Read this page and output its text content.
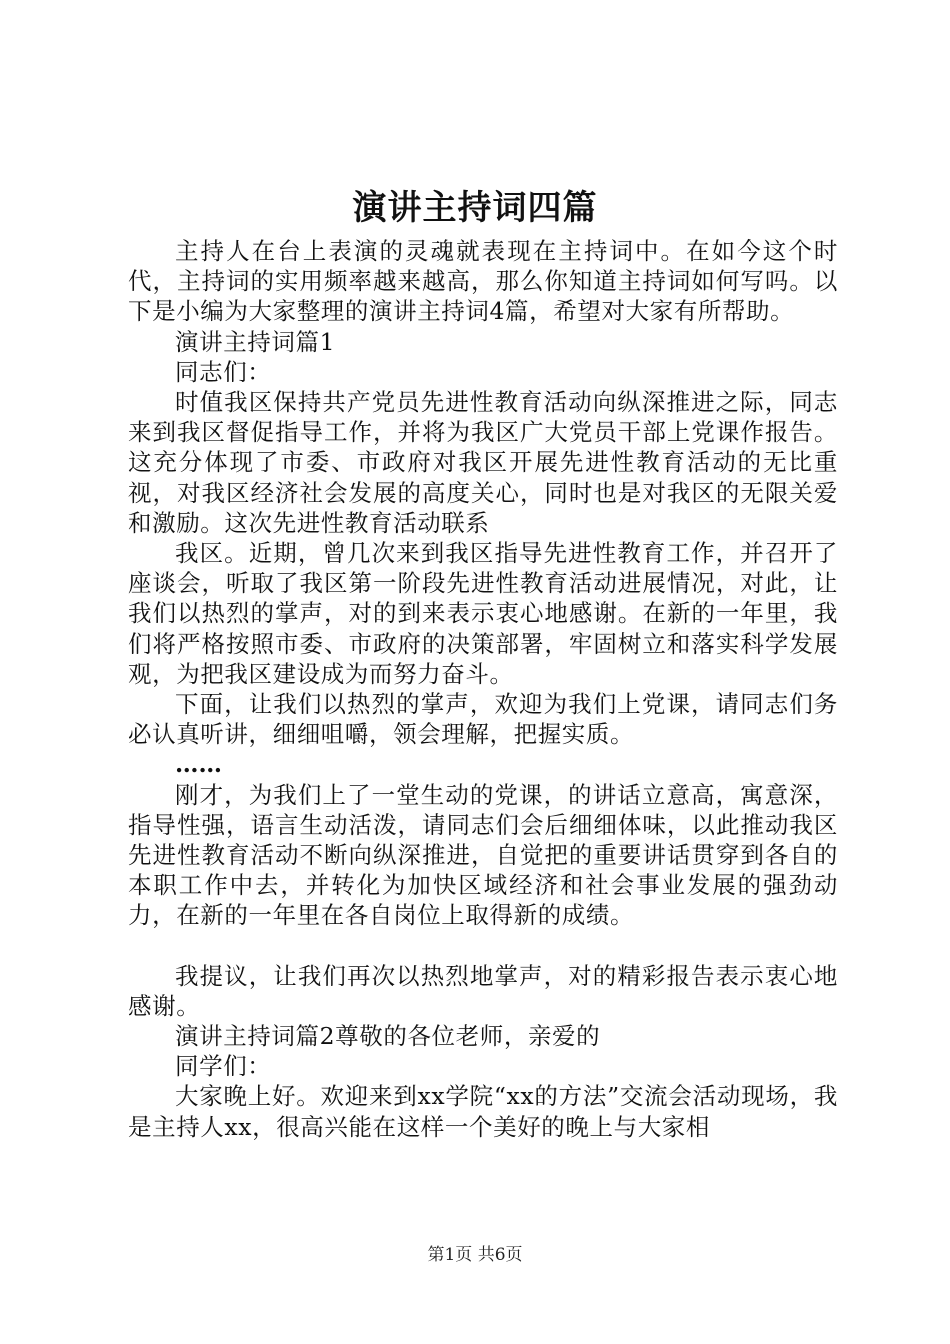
演讲主持词四篇

主持人在台上表演的灵魂就表现在主持词中。在如今这个时代，主持词的实用频率越来越高，那么你知道主持词如何写吗。以下是小编为大家整理的演讲主持词4篇，希望对大家有所帮助。

演讲主持词篇1

同志们：

时值我区保持共产党员先进性教育活动向纵深推进之际，同志来到我区督促指导工作，并将为我区广大党员干部上党课作报告。这充分体现了市委、市政府对我区开展先进性教育活动的无比重视，对我区经济社会发展的高度关心，同时也是对我区的无限关爱和激励。这次先进性教育活动联系

我区。近期，曾几次来到我区指导先进性教育工作，并召开了座谈会，听取了我区第一阶段先进性教育活动进展情况，对此，让我们以热烈的掌声，对的到来表示衷心地感谢。在新的一年里，我们将严格按照市委、市政府的决策部署，牢固树立和落实科学发展观，为把我区建设成为而努力奋斗。

下面，让我们以热烈的掌声，欢迎为我们上党课，请同志们务必认真听讲，细细咀嚼，领会理解，把握实质。

……

刚才，为我们上了一堂生动的党课，的讲话立意高，寓意深，指导性强，语言生动活泼，请同志们会后细细体味，以此推动我区先进性教育活动不断向纵深推进，自觉把的重要讲话贯穿到各自的本职工作中去，并转化为加快区域经济和社会事业发展的强劲动力，在新的一年里在各自岗位上取得新的成绩。

我提议，让我们再次以热烈地掌声，对的精彩报告表示衷心地感谢。

演讲主持词篇2尊敬的各位老师，亲爱的

同学们：

大家晚上好。欢迎来到xx学院“xx的方法”交流会活动现场，我是主持人xx，很高兴能在这样一个美好的晚上与大家相

第1页 共6页
